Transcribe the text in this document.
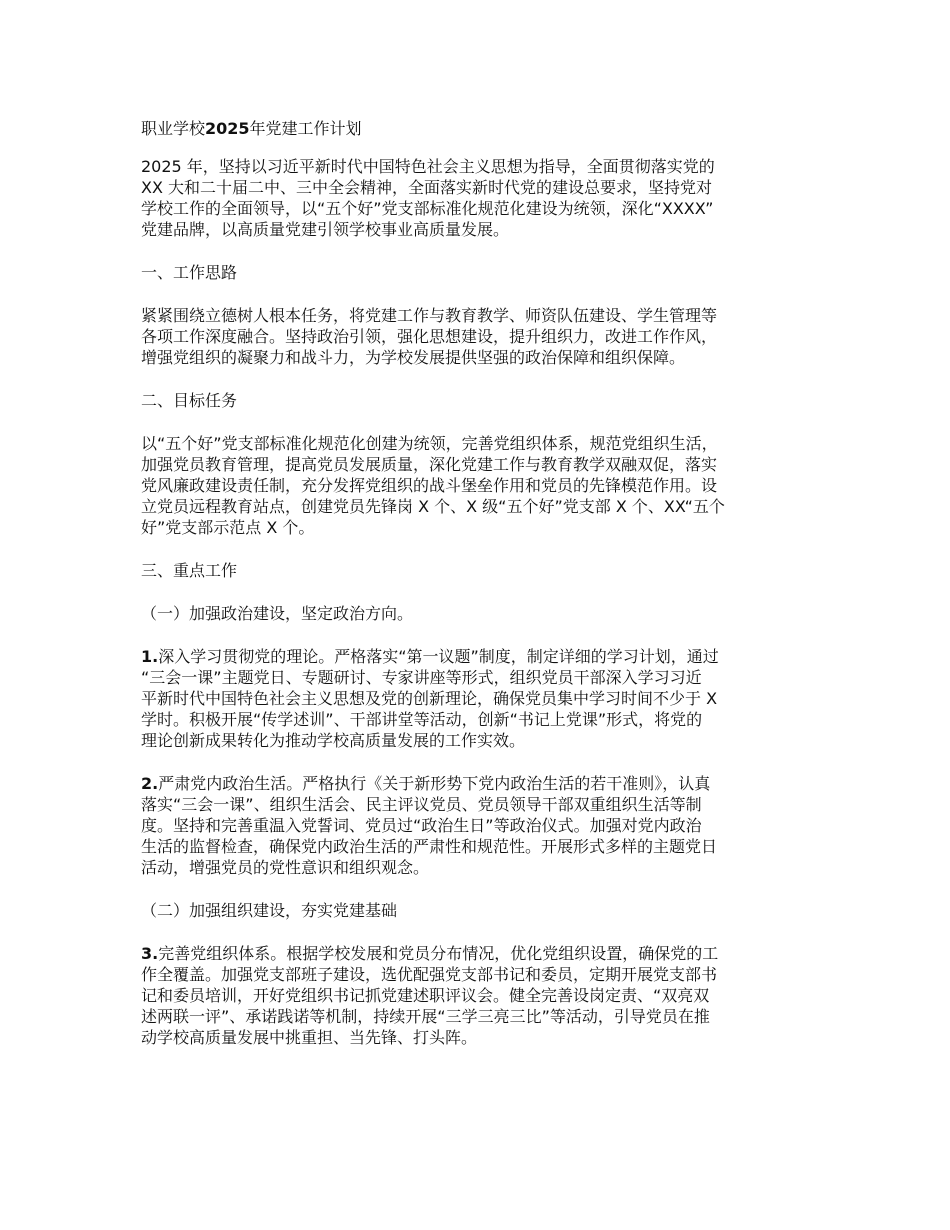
职业学校2025年党建工作计划
2025 年，坚持以习近平新时代中国特色社会主义思想为指导，全面贯彻落实党的
XX 大和二十届二中、三中全会精神，全面落实新时代党的建设总要求，坚持党对
学校工作的全面领导，以“五个好”党支部标准化规范化建设为统领，深化“XXXX”
党建品牌，以高质量党建引领学校事业高质量发展。
一、工作思路
紧紧围绕立德树人根本任务，将党建工作与教育教学、师资队伍建设、学生管理等
各项工作深度融合。坚持政治引领，强化思想建设，提升组织力，改进工作作风，
增强党组织的凝聚力和战斗力，为学校发展提供坚强的政治保障和组织保障。
二、目标任务
以“五个好”党支部标准化规范化创建为统领，完善党组织体系，规范党组织生活，
加强党员教育管理，提高党员发展质量，深化党建工作与教育教学双融双促，落实
党风廉政建设责任制，充分发挥党组织的战斗堡垒作用和党员的先锋模范作用。设
立党员远程教育站点，创建党员先锋岗 X 个、X 级“五个好”党支部 X 个、XX“五个
好”党支部示范点 X 个。
三、重点工作
（一）加强政治建设，坚定政治方向。
1.深入学习贯彻党的理论。严格落实“第一议题”制度，制定详细的学习计划，通过
“三会一课”主题党日、专题研讨、专家讲座等形式，组织党员干部深入学习习近
平新时代中国特色社会主义思想及党的创新理论，确保党员集中学习时间不少于 X
学时。积极开展“传学述训”、干部讲堂等活动，创新“书记上党课”形式，将党的
理论创新成果转化为推动学校高质量发展的工作实效。
2.严肃党内政治生活。严格执行《关于新形势下党内政治生活的若干准则》，认真
落实“三会一课”、组织生活会、民主评议党员、党员领导干部双重组织生活等制
度。坚持和完善重温入党誓词、党员过“政治生日”等政治仪式。加强对党内政治
生活的监督检查，确保党内政治生活的严肃性和规范性。开展形式多样的主题党日
活动，增强党员的党性意识和组织观念。
（二）加强组织建设，夯实党建基础
3.完善党组织体系。根据学校发展和党员分布情况，优化党组织设置，确保党的工
作全覆盖。加强党支部班子建设，选优配强党支部书记和委员，定期开展党支部书
记和委员培训，开好党组织书记抓党建述职评议会。健全完善设岗定责、“双亮双
述两联一评”、承诺践诺等机制，持续开展“三学三亮三比”等活动，引导党员在推
动学校高质量发展中挑重担、当先锋、打头阵。
